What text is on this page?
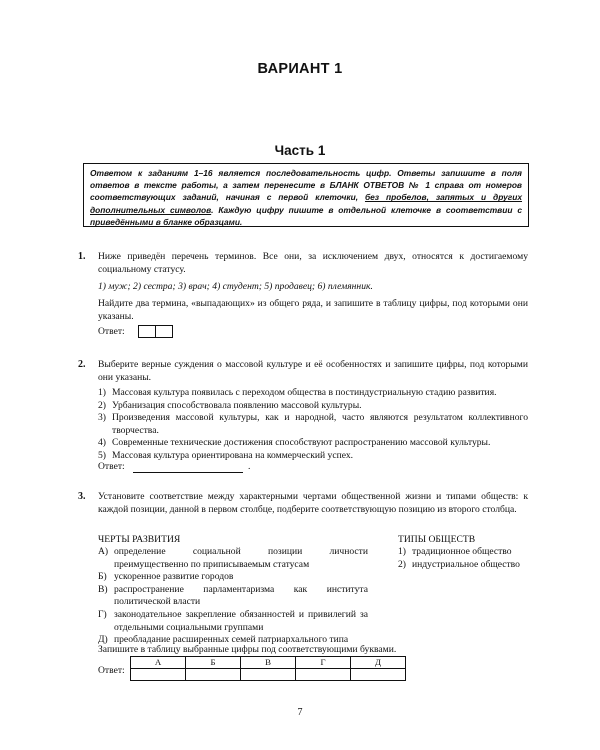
ВАРИАНТ 1
Часть 1
Ответом к заданиям 1–16 является последовательность цифр. Ответы запишите в поля ответов в тексте работы, а затем перенесите в БЛАНК ОТВЕТОВ № 1 справа от номеров соответствующих заданий, начиная с первой клеточки, без пробелов, запятых и других дополнительных символов. Каждую цифру пишите в отдельной клеточке в соответствии с приведёнными в бланке образцами.
1. Ниже приведён перечень терминов. Все они, за исключением двух, относятся к достигаемому социальному статусу.
1) муж; 2) сестра; 3) врач; 4) студент; 5) продавец; 6) племянник.
Найдите два термина, «выпадающих» из общего ряда, и запишите в таблицу цифры, под которыми они указаны.
Ответ:
2. Выберите верные суждения о массовой культуре и её особенностях и запишите цифры, под которыми они указаны.
1) Массовая культура появилась с переходом общества в постиндустриальную стадию развития.
2) Урбанизация способствовала появлению массовой культуры.
3) Произведения массовой культуры, как и народной, часто являются результатом коллективного творчества.
4) Современные технические достижения способствуют распространению массовой культуры.
5) Массовая культура ориентирована на коммерческий успех.
Ответ:	.
3. Установите соответствие между характерными чертами общественной жизни и типами обществ: к каждой позиции, данной в первом столбце, подберите соответствующую позицию из второго столбца.
ЧЕРТЫ РАЗВИТИЯ	ТИПЫ ОБЩЕСТВ
А) определение социальной позиции личности преимущественно по приписываемым статусам
Б) ускоренное развитие городов
В) распространение парламентаризма как института политической власти
Г) законодательное закрепление обязанностей и привилегий за отдельными социальными группами
Д) преобладание расширенных семей патриархального типа
1) традиционное общество
2) индустриальное общество
Запишите в таблицу выбранные цифры под соответствующими буквами.
Ответ:
А	Б	В	Г	Д

7
